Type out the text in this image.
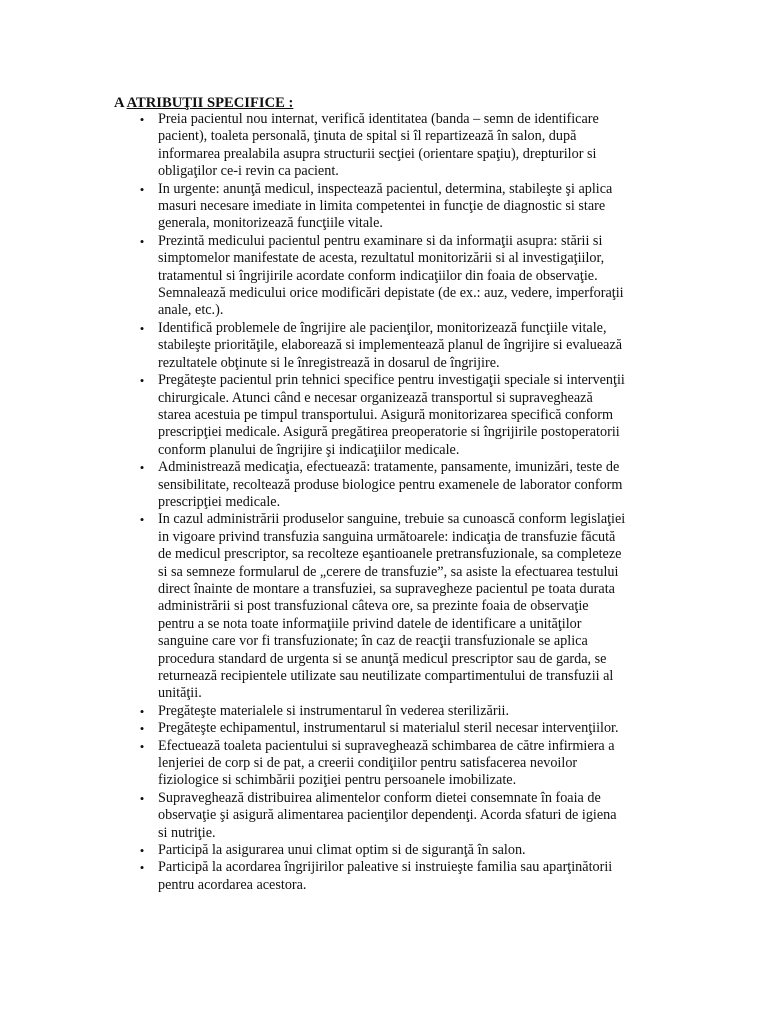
A ATRIBUŢII SPECIFICE :
• Preia pacientul nou internat, verifică identitatea (banda – semn de identificare
pacient), toaleta personală, ţinuta de spital si îl repartizează în salon, după
informarea prealabila asupra structurii secţiei (orientare spaţiu), drepturilor si
obligaţilor ce-i revin ca pacient.
• In urgente: anunţă medicul, inspectează pacientul, determina, stabileşte şi aplica
masuri necesare imediate in limita competentei in funcţie de diagnostic si stare
generala, monitorizează funcţiile vitale.
• Prezintă medicului pacientul pentru examinare si da informaţii asupra: stării si
simptomelor manifestate de acesta, rezultatul monitorizării si al investigaţiilor,
tratamentul si îngrijirile acordate conform indicaţiilor din foaia de observaţie.
Semnalează medicului orice modificări depistate (de ex.: auz, vedere, imperforaţii
anale, etc.).
• Identifică problemele de îngrijire ale pacienţilor, monitorizează funcţiile vitale,
stabileşte priorităţile, elaborează si implementează planul de îngrijire si evaluează
rezultatele obţinute si le înregistrează in dosarul de îngrijire.
• Pregăteşte pacientul prin tehnici specifice pentru investigaţii speciale si intervenţii
chirurgicale. Atunci când e necesar organizează transportul si supraveghează
starea acestuia pe timpul transportului. Asigură monitorizarea specifică conform
prescripţiei medicale. Asigură pregătirea preoperatorie si îngrijirile postoperatorii
conform planului de îngrijire şi indicaţiilor medicale.
• Administrează medicaţia, efectuează: tratamente, pansamente, imunizări, teste de
sensibilitate, recoltează produse biologice pentru examenele de laborator conform
prescripţiei medicale.
• In cazul administrării produselor sanguine, trebuie sa cunoască conform legislaţiei
in vigoare privind transfuzia sanguina următoarele: indicaţia de transfuzie făcută
de medicul prescriptor, sa recolteze eşantioanele pretransfuzionale, sa completeze
si sa semneze formularul de „cerere de transfuzie”, sa asiste la efectuarea testului
direct înainte de montare a transfuziei, sa supravegheze pacientul pe toata durata
administrării si post transfuzional câteva ore, sa prezinte foaia de observaţie
pentru a se nota toate informaţiile privind datele de identificare a unităţilor
sanguine care vor fi transfuzionate; în caz de reacţii transfuzionale se aplica
procedura standard de urgenta si se anunţă medicul prescriptor sau de garda, se
returnează recipientele utilizate sau neutilizate compartimentului de transfuzii al
unităţii.
• Pregăteşte materialele si instrumentarul în vederea sterilizării.
• Pregăteşte echipamentul, instrumentarul si materialul steril necesar intervenţiilor.
• Efectuează toaleta pacientului si supraveghează schimbarea de către infirmiera a
lenjeriei de corp si de pat, a creerii condiţiilor pentru satisfacerea nevoilor
fiziologice si schimbării poziţiei pentru persoanele imobilizate.
• Supraveghează distribuirea alimentelor conform dietei consemnate în foaia de
observaţie şi asigură alimentarea pacienţilor dependenţi. Acorda sfaturi de igiena
si nutriţie.
• Participă la asigurarea unui climat optim si de siguranţă în salon.
• Participă la acordarea îngrijirilor paleative si instruieşte familia sau aparţinătorii
pentru acordarea acestora.
